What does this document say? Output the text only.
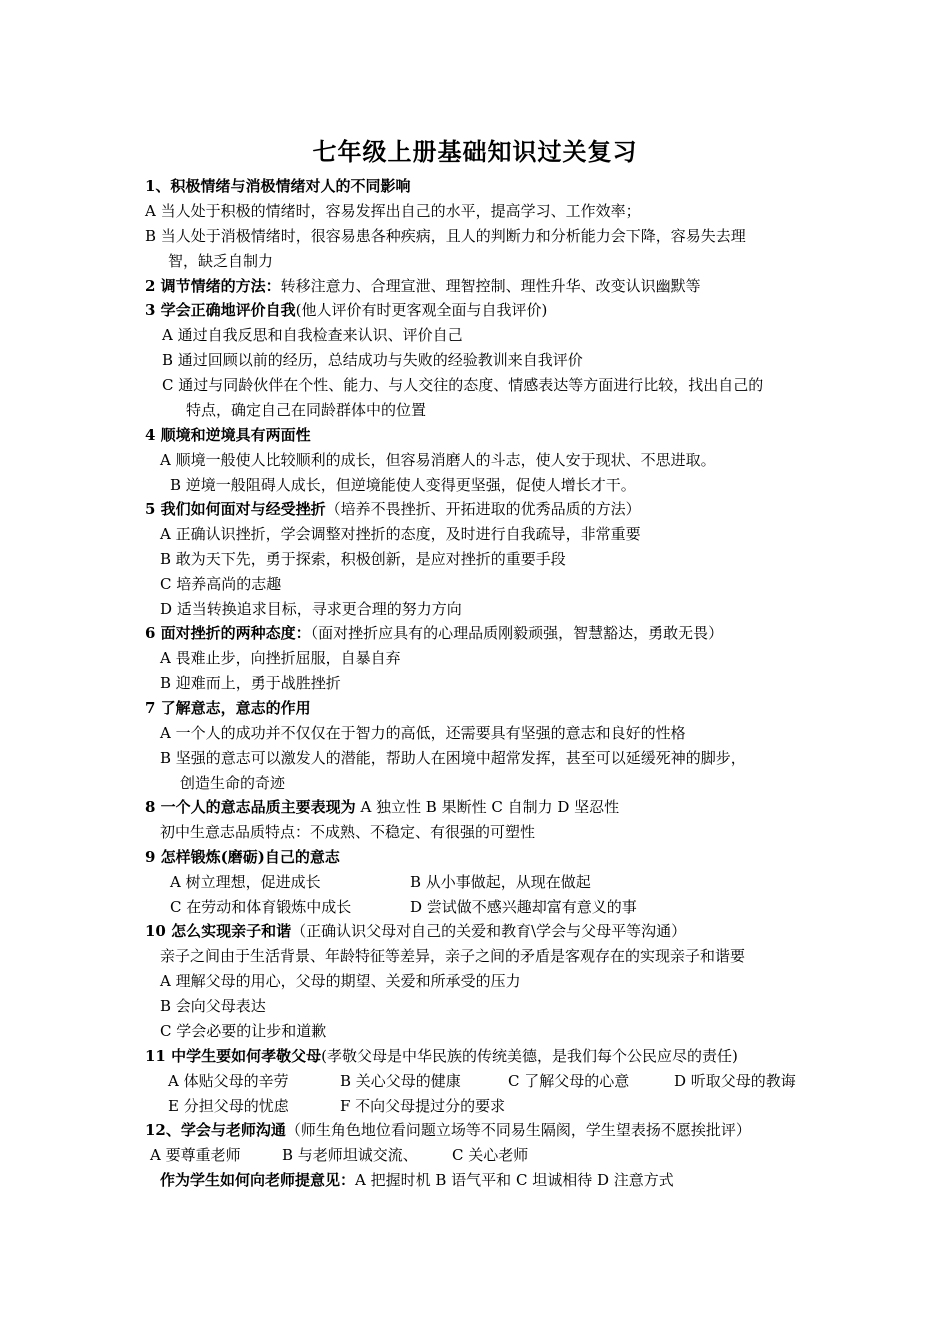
七年级上册基础知识过关复习
1、积极情绪与消极情绪对人的不同影响
A 当人处于积极的情绪时，容易发挥出自己的水平，提高学习、工作效率；
B 当人处于消极情绪时，很容易患各种疾病，且人的判断力和分析能力会下降，容易失去理
智，缺乏自制力
2 调节情绪的方法：转移注意力、合理宣泄、理智控制、理性升华、改变认识幽默等
3 学会正确地评价自我(他人评价有时更客观全面与自我评价)
A 通过自我反思和自我检查来认识、评价自己
B 通过回顾以前的经历，总结成功与失败的经验教训来自我评价
C 通过与同龄伙伴在个性、能力、与人交往的态度、情感表达等方面进行比较，找出自己的
特点，确定自己在同龄群体中的位置
4 顺境和逆境具有两面性
A 顺境一般使人比较顺利的成长，但容易消磨人的斗志，使人安于现状、不思进取。
B 逆境一般阻碍人成长，但逆境能使人变得更坚强，促使人增长才干。
5 我们如何面对与经受挫折（培养不畏挫折、开拓进取的优秀品质的方法）
A 正确认识挫折，学会调整对挫折的态度，及时进行自我疏导，非常重要
B 敢为天下先，勇于探索，积极创新，是应对挫折的重要手段
C 培养高尚的志趣
D 适当转换追求目标，寻求更合理的努力方向
6 面对挫折的两种态度：（面对挫折应具有的心理品质刚毅顽强，智慧豁达，勇敢无畏）
A 畏难止步，向挫折屈服，自暴自弃
B 迎难而上，勇于战胜挫折
7 了解意志，意志的作用
A 一个人的成功并不仅仅在于智力的高低，还需要具有坚强的意志和良好的性格
B 坚强的意志可以激发人的潜能，帮助人在困境中超常发挥，甚至可以延缓死神的脚步，
创造生命的奇迹
8 一个人的意志品质主要表现为 A 独立性 B 果断性 C 自制力 D 坚忍性
初中生意志品质特点：不成熟、不稳定、有很强的可塑性
9 怎样锻炼(磨砺)自己的意志
A 树立理想，促进成长	B 从小事做起，从现在做起
C 在劳动和体育锻炼中成长	D 尝试做不感兴趣却富有意义的事
10 怎么实现亲子和谐（正确认识父母对自己的关爱和教育\学会与父母平等沟通）
亲子之间由于生活背景、年龄特征等差异，亲子之间的矛盾是客观存在的实现亲子和谐要
A 理解父母的用心，父母的期望、关爱和所承受的压力
B 会向父母表达
C 学会必要的让步和道歉
11 中学生要如何孝敬父母(孝敬父母是中华民族的传统美德，是我们每个公民应尽的责任)
A 体贴父母的辛劳	B 关心父母的健康	C 了解父母的心意	D 听取父母的教诲
E 分担父母的忧虑	F 不向父母提过分的要求
12、学会与老师沟通（师生角色地位看问题立场等不同易生隔阂，学生望表扬不愿挨批评）
A 要尊重老师	B 与老师坦诚交流、 C 关心老师
作为学生如何向老师提意见：A 把握时机 B 语气平和 C 坦诚相待 D 注意方式
